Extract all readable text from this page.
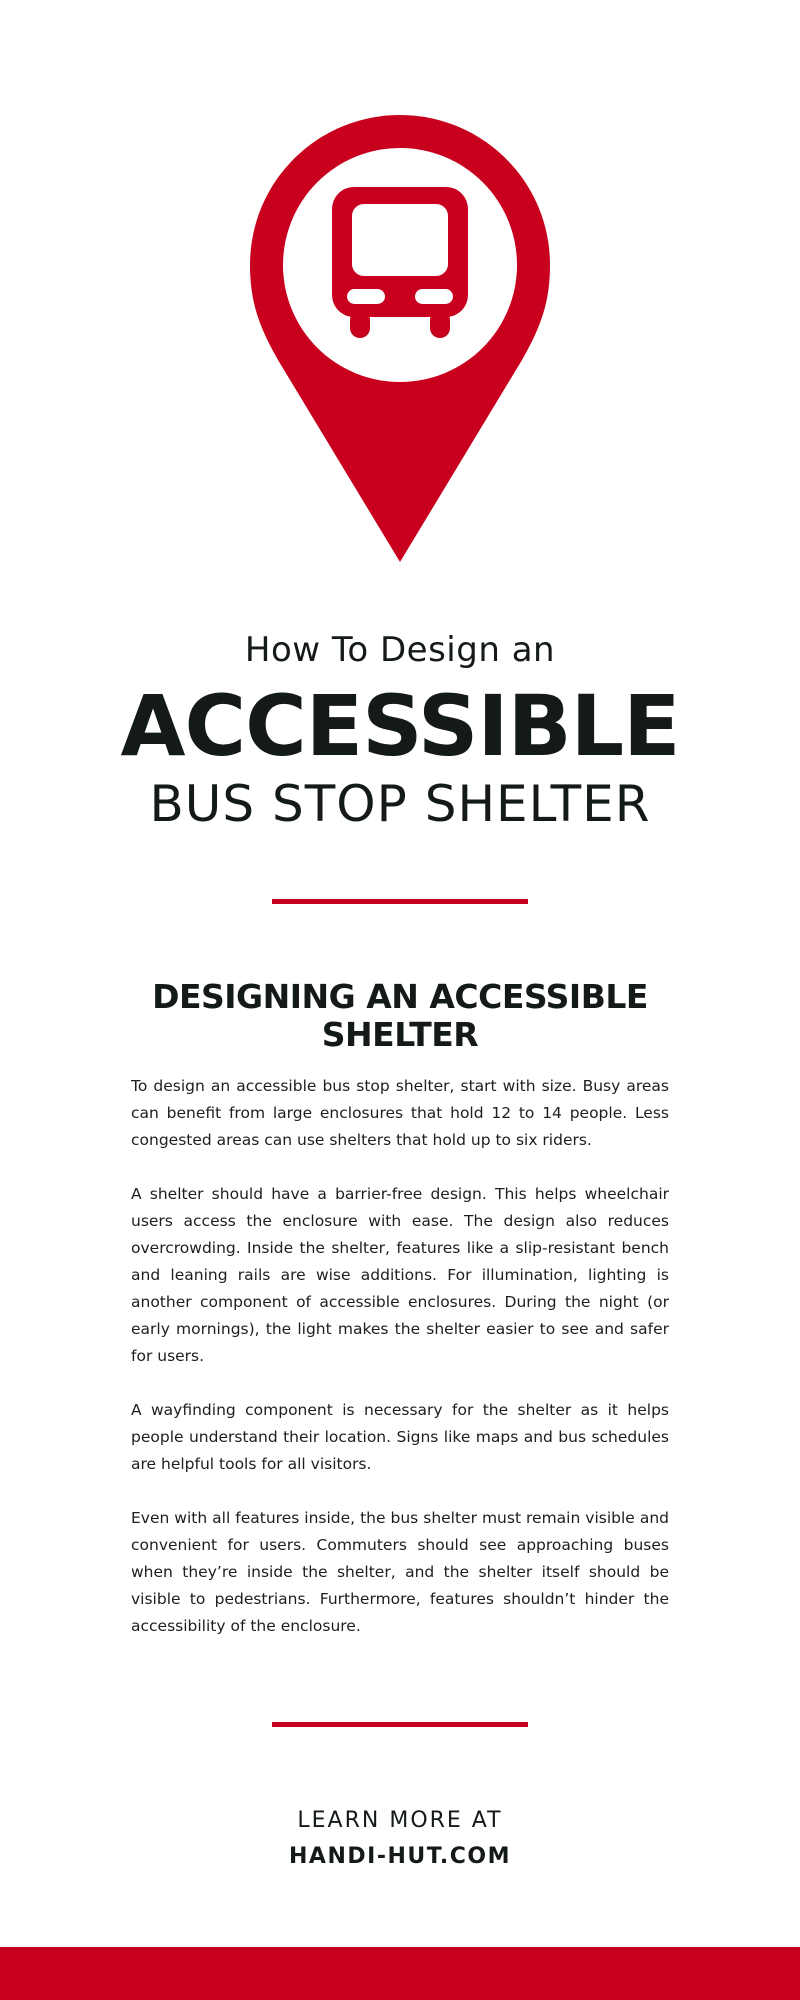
How To Design an
ACCESSIBLE
BUS STOP SHELTER
DESIGNING AN ACCESSIBLE SHELTER

To design an accessible bus stop shelter, start with size. Busy areas can benefit from large enclosures that hold 12 to 14 people. Less congested areas can use shelters that hold up to six riders.

A shelter should have a barrier-free design. This helps wheelchair users access the enclosure with ease. The design also reduces overcrowding. Inside the shelter, features like a slip-resistant bench and leaning rails are wise additions. For illumination, lighting is another component of accessible enclosures. During the night (or early mornings), the light makes the shelter easier to see and safer for users.

A wayfinding component is necessary for the shelter as it helps people understand their location. Signs like maps and bus schedules are helpful tools for all visitors.

Even with all features inside, the bus shelter must remain visible and convenient for users. Commuters should see approaching buses when they’re inside the shelter, and the shelter itself should be visible to pedestrians. Furthermore, features shouldn’t hinder the accessibility of the enclosure.

LEARN MORE AT
HANDI-HUT.COM
